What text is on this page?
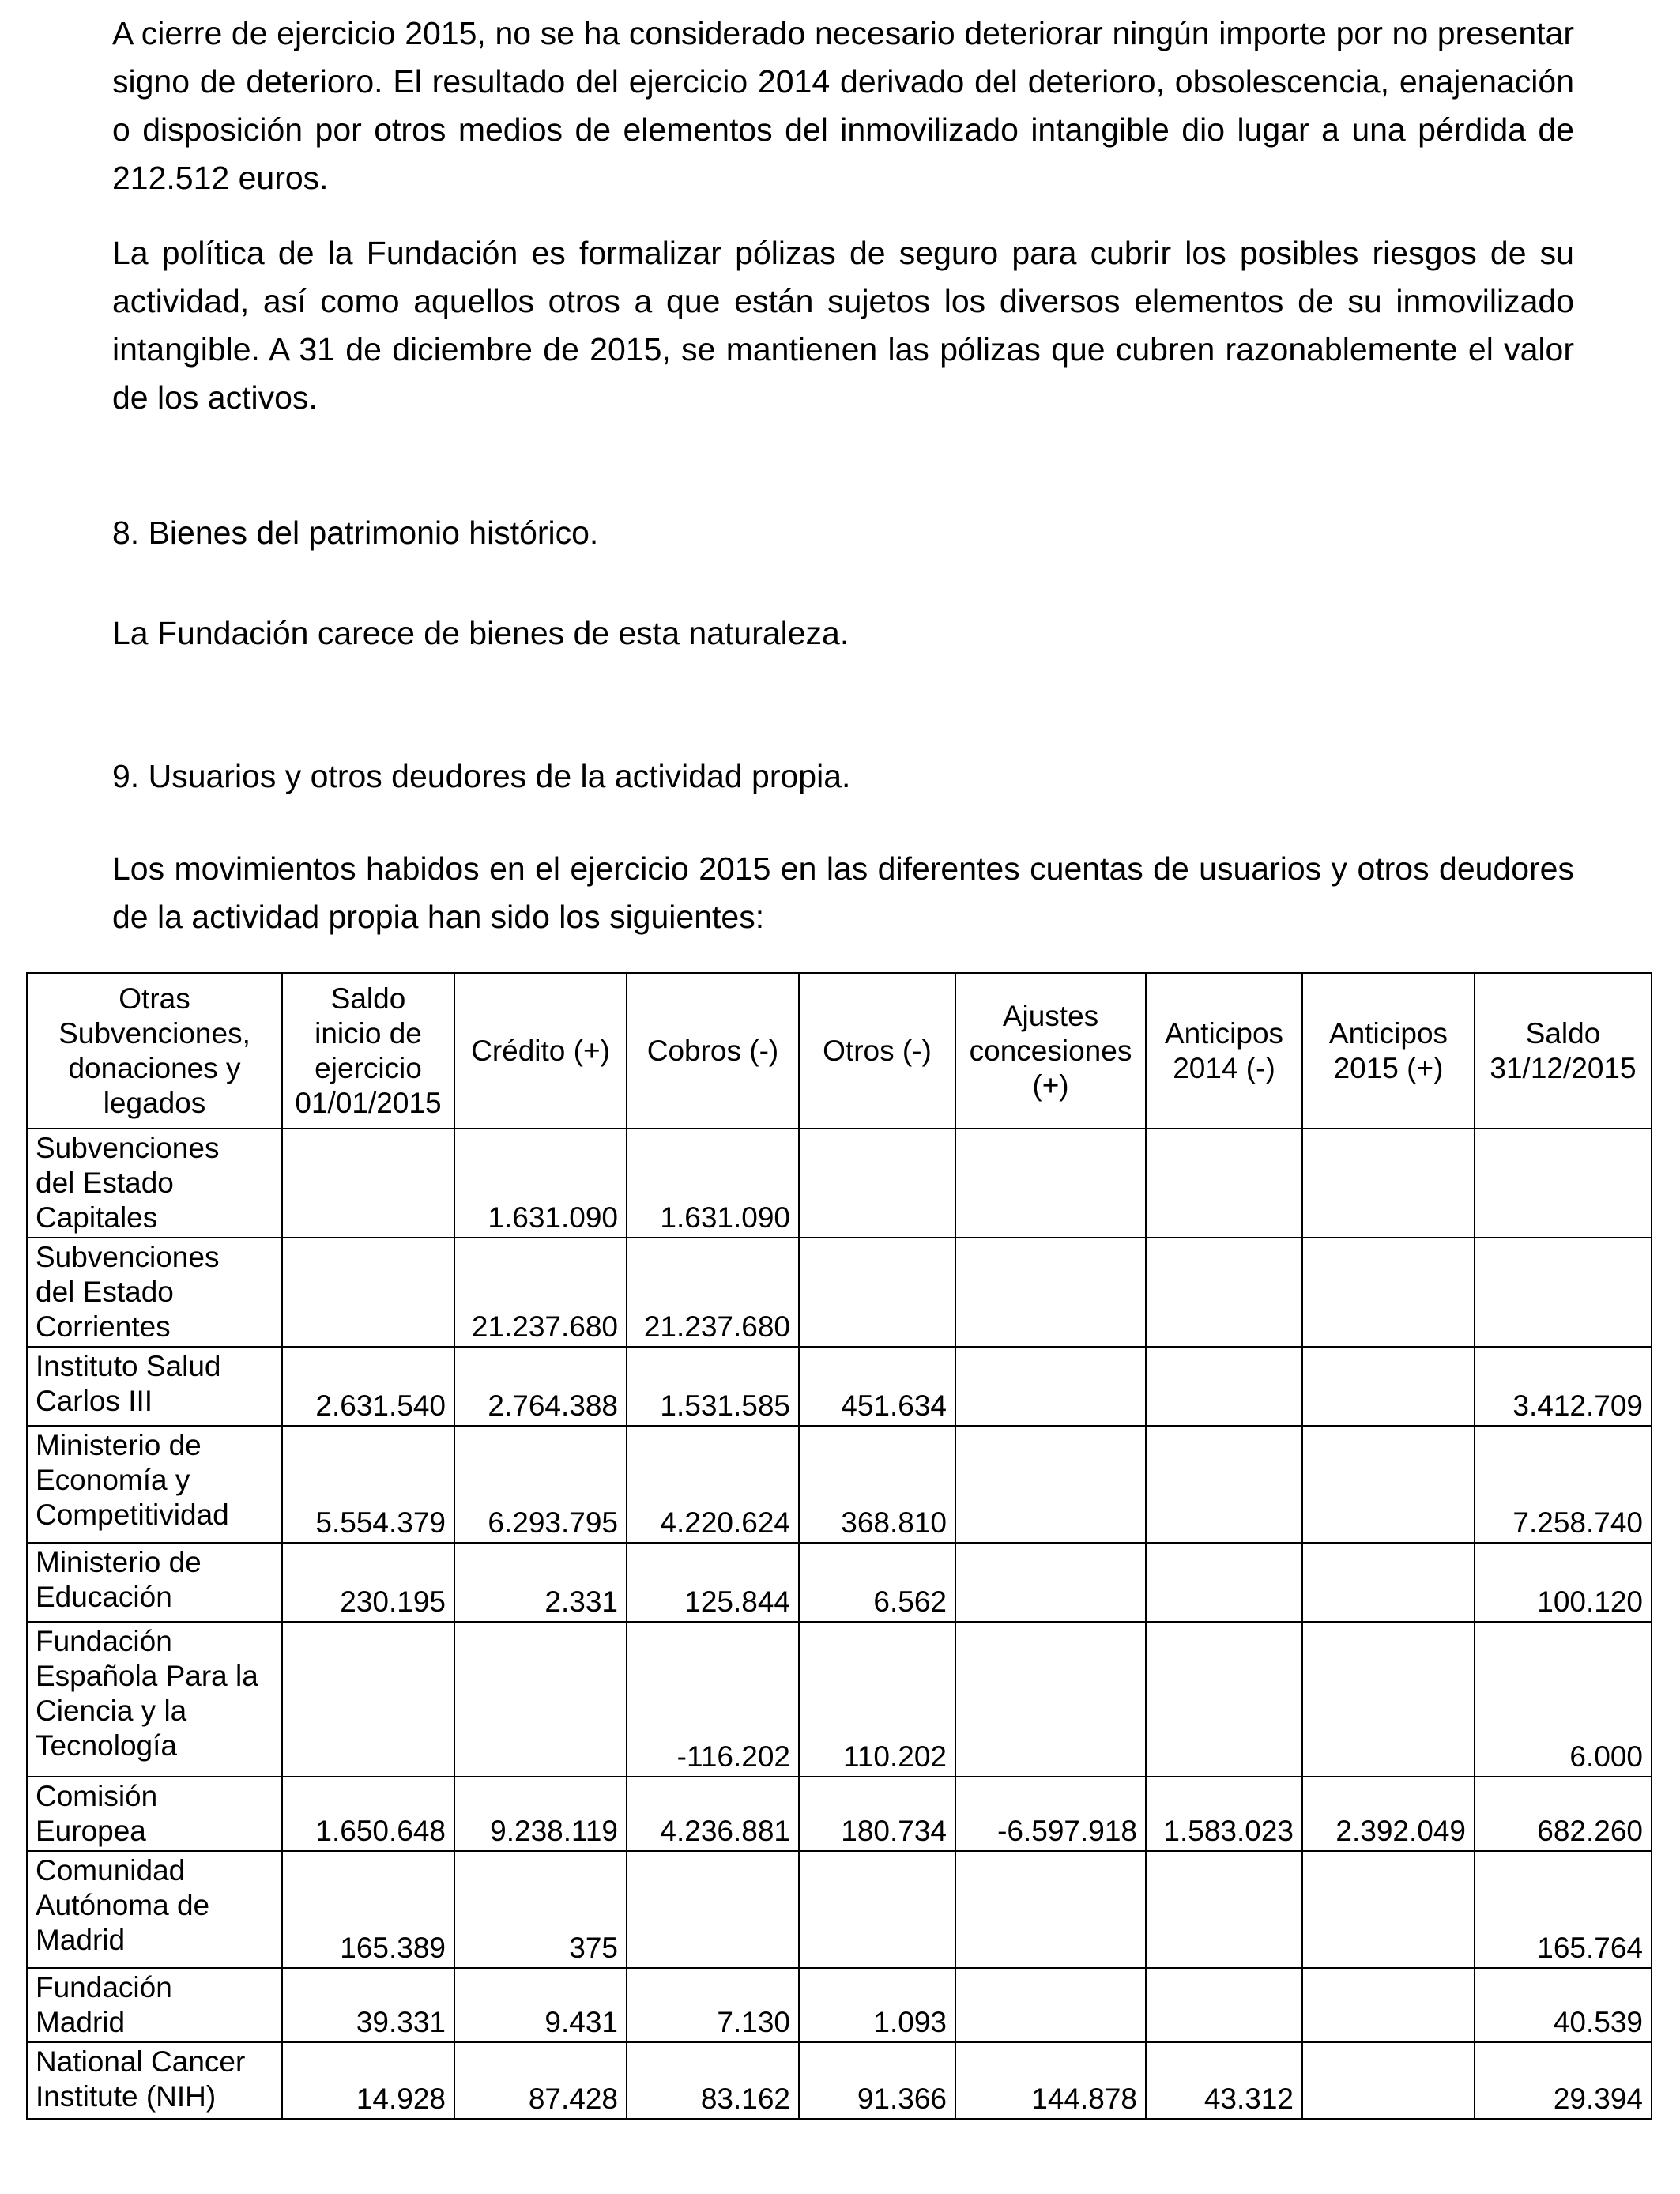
A cierre de ejercicio 2015, no se ha considerado necesario deteriorar ningún importe por no presentar signo de deterioro. El resultado del ejercicio 2014 derivado del deterioro, obsolescencia, enajenación o disposición por otros medios de elementos del inmovilizado intangible dio lugar a una pérdida de 212.512 euros.

La política de la Fundación es formalizar pólizas de seguro para cubrir los posibles riesgos de su actividad, así como aquellos otros a que están sujetos los diversos elementos de su inmovilizado intangible. A 31 de diciembre de 2015, se mantienen las pólizas que cubren razonablemente el valor de los activos.

8. Bienes del patrimonio histórico.

La Fundación carece de bienes de esta naturaleza.

9. Usuarios y otros deudores de la actividad propia.

Los movimientos habidos en el ejercicio 2015 en las diferentes cuentas de usuarios y otros deudores de la actividad propia han sido los siguientes:

Otras
Subvenciones,
donaciones y
legados	Saldo
inicio de
ejercicio
01/01/2015	Crédito (+)	Cobros (-)	Otros (-)	Ajustes
concesiones
(+)	Anticipos
2014 (-)	Anticipos
2015 (+)	Saldo
31/12/2015
Subvenciones
del Estado
Capitales		1.631.090	1.631.090					
Subvenciones
del Estado
Corrientes		21.237.680	21.237.680					
Instituto Salud
Carlos III	2.631.540	2.764.388	1.531.585	451.634				3.412.709
Ministerio de
Economía y
Competitividad	5.554.379	6.293.795	4.220.624	368.810				7.258.740
Ministerio de
Educación	230.195	2.331	125.844	6.562				100.120
Fundación
Española Para la
Ciencia y la
Tecnología			-116.202	110.202				6.000
Comisión
Europea	1.650.648	9.238.119	4.236.881	180.734	-6.597.918	1.583.023	2.392.049	682.260
Comunidad
Autónoma de
Madrid	165.389	375						165.764
Fundación
Madrid	39.331	9.431	7.130	1.093				40.539
National Cancer
Institute (NIH)	14.928	87.428	83.162	91.366	144.878	43.312		29.394
